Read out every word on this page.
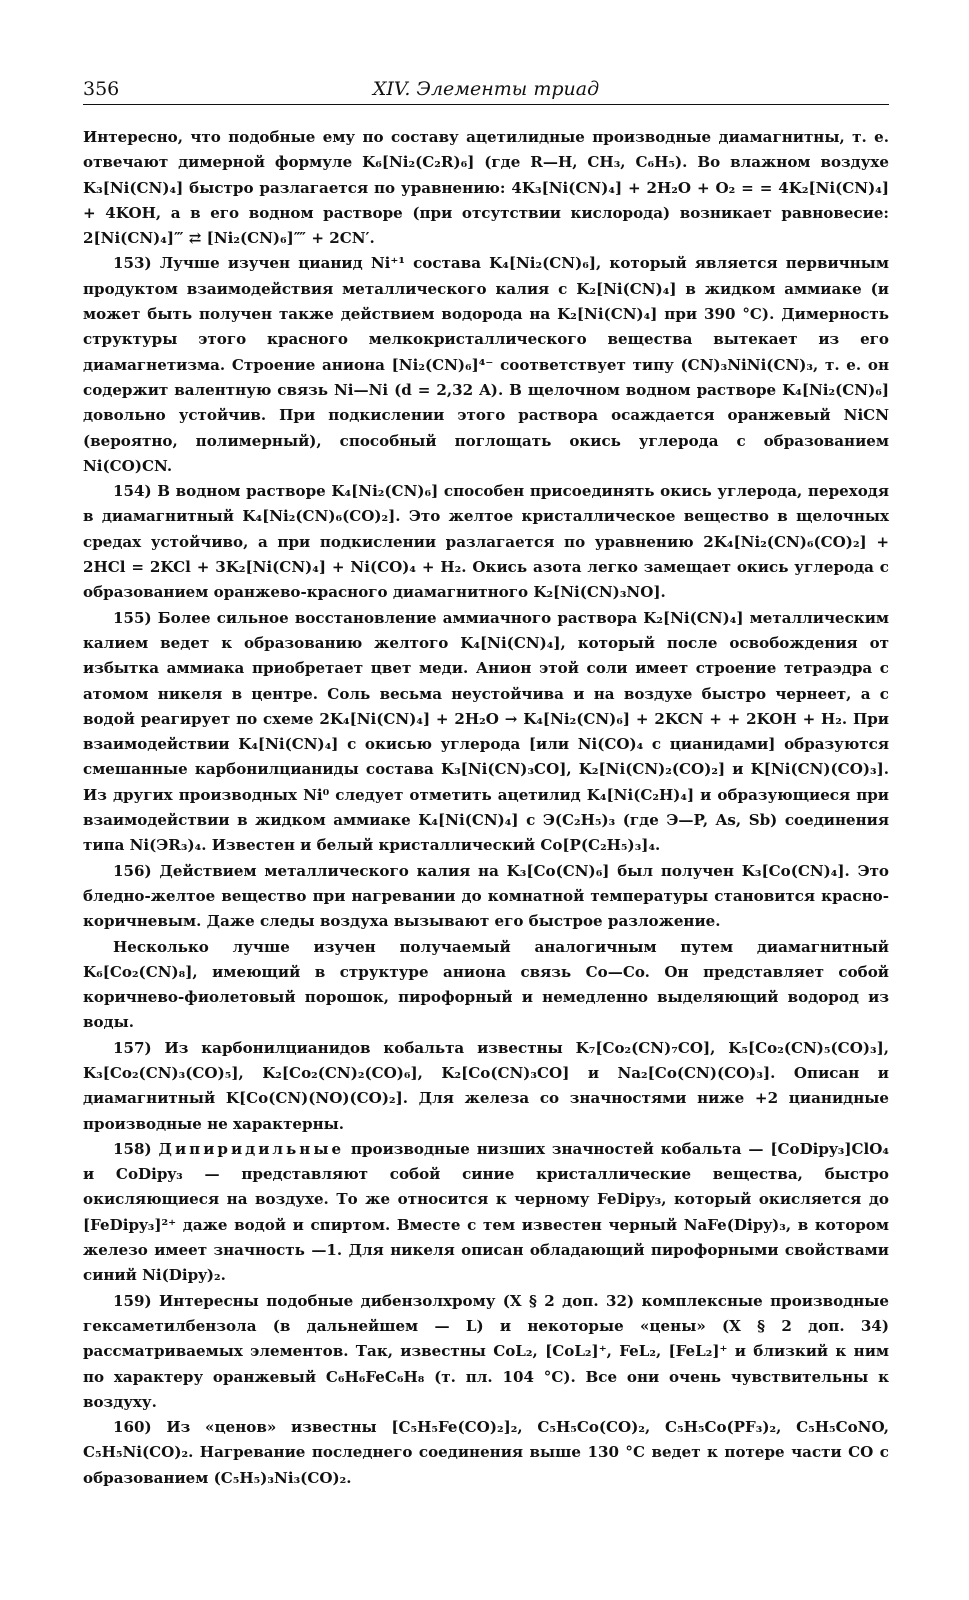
356	XIV. Элементы триад

Интересно, что подобные ему по составу ацетилидные производные диамагнитны, т. е. отвечают димерной формуле K₆[Ni₂(C₂R)₆] (где R—H, CH₃, C₆H₅). Во влажном воздухе K₃[Ni(CN)₄] быстро разлагается по уравнению: 4K₃[Ni(CN)₄] + 2H₂O + O₂ = = 4K₂[Ni(CN)₄] + 4KOH, а в его водном растворе (при отсутствии кислорода) возникает равновесие: 2[Ni(CN)₄]‴ ⇄ [Ni₂(CN)₆]⁗ + 2CN′.

153) Лучше изучен цианид Ni⁺¹ состава K₄[Ni₂(CN)₆], который является первичным продуктом взаимодействия металлического калия с K₂[Ni(CN)₄] в жидком аммиаке (и может быть получен также действием водорода на K₂[Ni(CN)₄] при 390 °C). Димерность структуры этого красного мелкокристаллического вещества вытекает из его диамагнетизма. Строение аниона [Ni₂(CN)₆]⁴⁻ соответствует типу (CN)₃NiNi(CN)₃, т. е. он содержит валентную связь Ni—Ni (d = 2,32 A). В щелочном водном растворе K₄[Ni₂(CN)₆] довольно устойчив. При подкислении этого раствора осаждается оранжевый NiCN (вероятно, полимерный), способный поглощать окись углерода с образованием Ni(CO)CN.

154) В водном растворе K₄[Ni₂(CN)₆] способен присоединять окись углерода, переходя в диамагнитный K₄[Ni₂(CN)₆(CO)₂]. Это желтое кристаллическое вещество в щелочных средах устойчиво, а при подкислении разлагается по уравнению 2K₄[Ni₂(CN)₆(CO)₂] + 2HCl = 2KCl + 3K₂[Ni(CN)₄] + Ni(CO)₄ + H₂. Окись азота легко замещает окись углерода с образованием оранжево-красного диамагнитного K₂[Ni(CN)₃NO].

155) Более сильное восстановление аммиачного раствора K₂[Ni(CN)₄] металлическим калием ведет к образованию желтого K₄[Ni(CN)₄], который после освобождения от избытка аммиака приобретает цвет меди. Анион этой соли имеет строение тетраэдра с атомом никеля в центре. Соль весьма неустойчива и на воздухе быстро чернеет, а с водой реагирует по схеме 2K₄[Ni(CN)₄] + 2H₂O → K₄[Ni₂(CN)₆] + 2KCN + + 2KOH + H₂. При взаимодействии K₄[Ni(CN)₄] с окисью углерода [или Ni(CO)₄ с цианидами] образуются смешанные карбонилцианиды состава K₃[Ni(CN)₃CO], K₂[Ni(CN)₂(CO)₂] и K[Ni(CN)(CO)₃]. Из других производных Ni⁰ следует отметить ацетилид K₄[Ni(C₂H)₄] и образующиеся при взаимодействии в жидком аммиаке K₄[Ni(CN)₄] с Э(C₂H₅)₃ (где Э—P, As, Sb) соединения типа Ni(ЭR₃)₄. Известен и белый кристаллический Co[P(C₂H₅)₃]₄.

156) Действием металлического калия на K₃[Co(CN)₆] был получен K₃[Co(CN)₄]. Это бледно-желтое вещество при нагревании до комнатной температуры становится красно-коричневым. Даже следы воздуха вызывают его быстрое разложение.

Несколько лучше изучен получаемый аналогичным путем диамагнитный K₆[Co₂(CN)₈], имеющий в структуре аниона связь Co—Co. Он представляет собой коричнево-фиолетовый порошок, пирофорный и немедленно выделяющий водород из воды.

157) Из карбонилцианидов кобальта известны K₇[Co₂(CN)₇CO], K₅[Co₂(CN)₅(CO)₃], K₃[Co₂(CN)₃(CO)₅], K₂[Co₂(CN)₂(CO)₆], K₂[Co(CN)₃CO] и Na₂[Co(CN)(CO)₃]. Описан и диамагнитный K[Co(CN)(NO)(CO)₂]. Для железа со значностями ниже +2 цианидные производные не характерны.

158) Дипиридильные производные низших значностей кобальта — [CoDipy₃]ClO₄ и CoDipy₃ — представляют собой синие кристаллические вещества, быстро окисляющиеся на воздухе. То же относится к черному FeDipy₃, который окисляется до [FeDipy₃]²⁺ даже водой и спиртом. Вместе с тем известен черный NaFe(Dipy)₃, в котором железо имеет значность —1. Для никеля описан обладающий пирофорными свойствами синий Ni(Dipy)₂.

159) Интересны подобные дибензолхрому (X § 2 доп. 32) комплексные производные гексаметилбензола (в дальнейшем — L) и некоторые «цены» (X § 2 доп. 34) рассматриваемых элементов. Так, известны CoL₂, [CoL₂]⁺, FeL₂, [FeL₂]⁺ и близкий к ним по характеру оранжевый C₆H₆FeC₆H₈ (т. пл. 104 °C). Все они очень чувствительны к воздуху.

160) Из «ценов» известны [C₅H₅Fe(CO)₂]₂, C₅H₅Co(CO)₂, C₅H₅Co(PF₃)₂, C₅H₅CoNO, C₅H₅Ni(CO)₂. Нагревание последнего соединения выше 130 °C ведет к потере части CO с образованием (C₅H₅)₃Ni₃(CO)₂.
